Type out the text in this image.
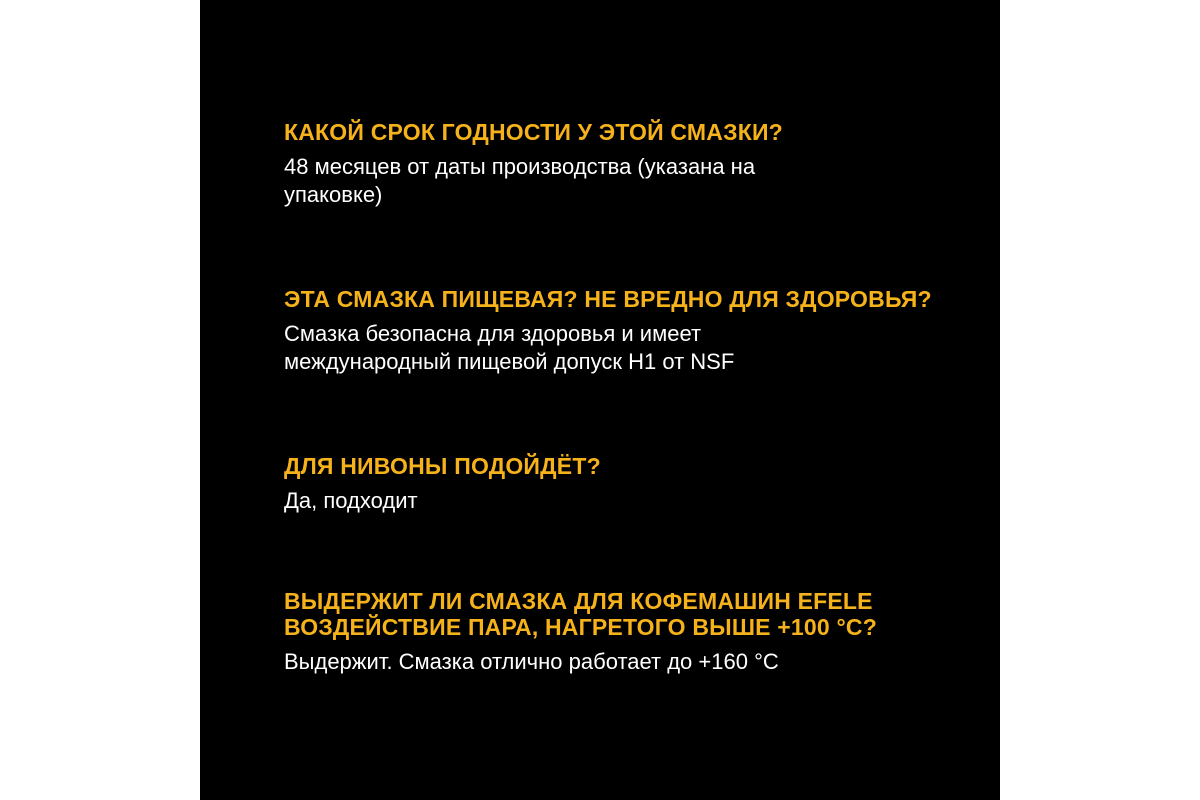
КАКОЙ СРОК ГОДНОСТИ У ЭТОЙ СМАЗКИ?

48 месяцев от даты производства (указана на упаковке)

ЭТА СМАЗКА ПИЩЕВАЯ? НЕ ВРЕДНО ДЛЯ ЗДОРОВЬЯ?

Смазка безопасна для здоровья и имеет международный пищевой допуск H1 от NSF

ДЛЯ НИВОНЫ ПОДОЙДЁТ?

Да, подходит

ВЫДЕРЖИТ ЛИ СМАЗКА ДЛЯ КОФЕМАШИН EFELE ВОЗДЕЙСТВИЕ ПАРА, НАГРЕТОГО ВЫШЕ +100 °C?

Выдержит. Смазка отлично работает до +160 °C
